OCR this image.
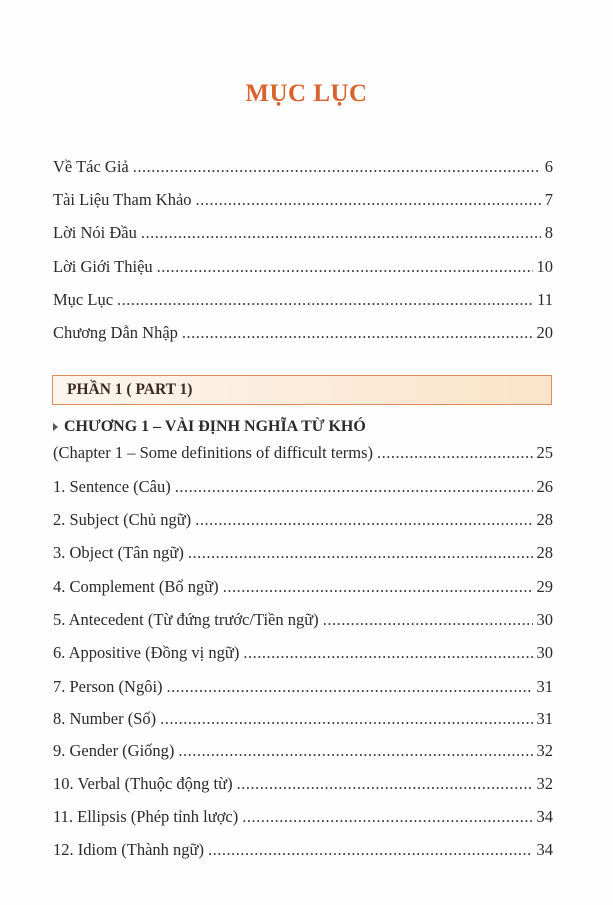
MỤC LỤC
Về Tác Giả .....	6
Tài Liệu Tham Khảo .....	7
Lời Nói Đầu .....	8
Lời Giới Thiệu .....	10
Mục Lục .....	11
Chương Dẫn Nhập .....	20
PHẦN 1 ( PART 1)
CHƯƠNG 1 – VÀI ĐỊNH NGHĨA TỪ KHÓ
(Chapter 1 – Some definitions of difficult terms) .....	25
1. Sentence (Câu) .....	26
2. Subject (Chủ ngữ) .....	28
3. Object (Tân ngữ) .....	28
4. Complement (Bổ ngữ) .....	29
5. Antecedent (Từ đứng trước/Tiền ngữ) .....	30
6. Appositive (Đồng vị ngữ) .....	30
7. Person (Ngôi) .....	31
8. Number (Số) .....	31
9. Gender (Giống) .....	32
10. Verbal (Thuộc động từ) .....	32
11. Ellipsis (Phép tỉnh lược) .....	34
12. Idiom (Thành ngữ) .....	34
